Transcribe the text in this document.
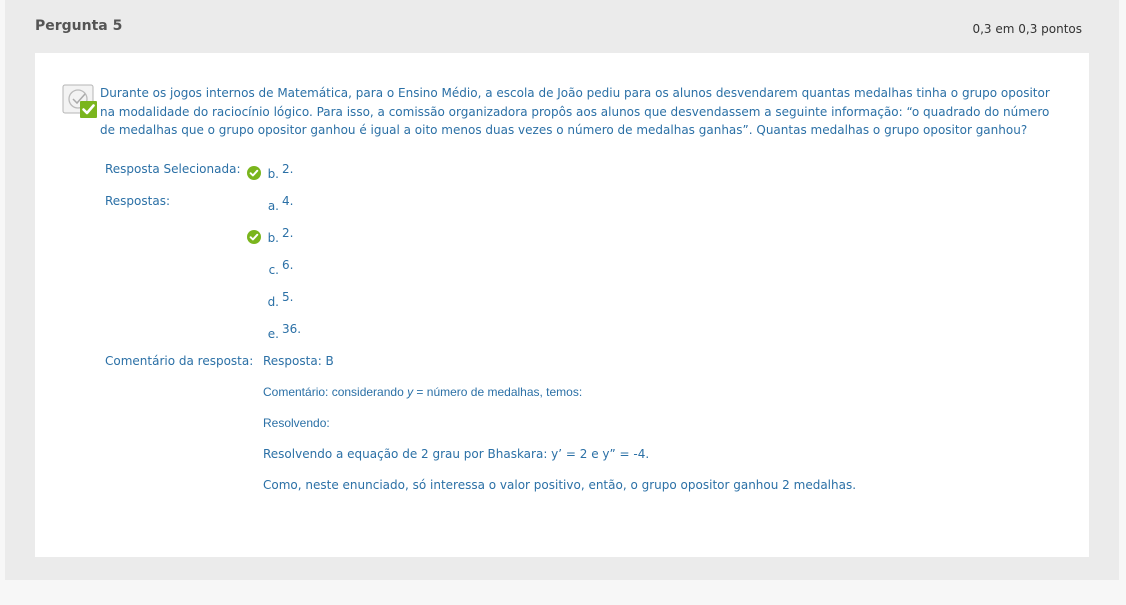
Pergunta 5	0,3 em 0,3 pontos

Durante os jogos internos de Matemática, para o Ensino Médio, a escola de João pediu para os alunos desvendarem quantas medalhas tinha o grupo opositor na modalidade do raciocínio lógico. Para isso, a comissão organizadora propôs aos alunos que desvendassem a seguinte informação: “o quadrado do número de medalhas que o grupo opositor ganhou é igual a oito menos duas vezes o número de medalhas ganhas”. Quantas medalhas o grupo opositor ganhou?

Resposta Selecionada: b. 2.
Respostas:	a. 4.
b. 2.
c. 6.
d. 5.
e. 36.
Comentário da resposta: Resposta: B
Comentário: considerando y = número de medalhas, temos:
Resolvendo:
Resolvendo a equação de 2 grau por Bhaskara: y’ = 2 e y” = -4.
Como, neste enunciado, só interessa o valor positivo, então, o grupo opositor ganhou 2 medalhas.
